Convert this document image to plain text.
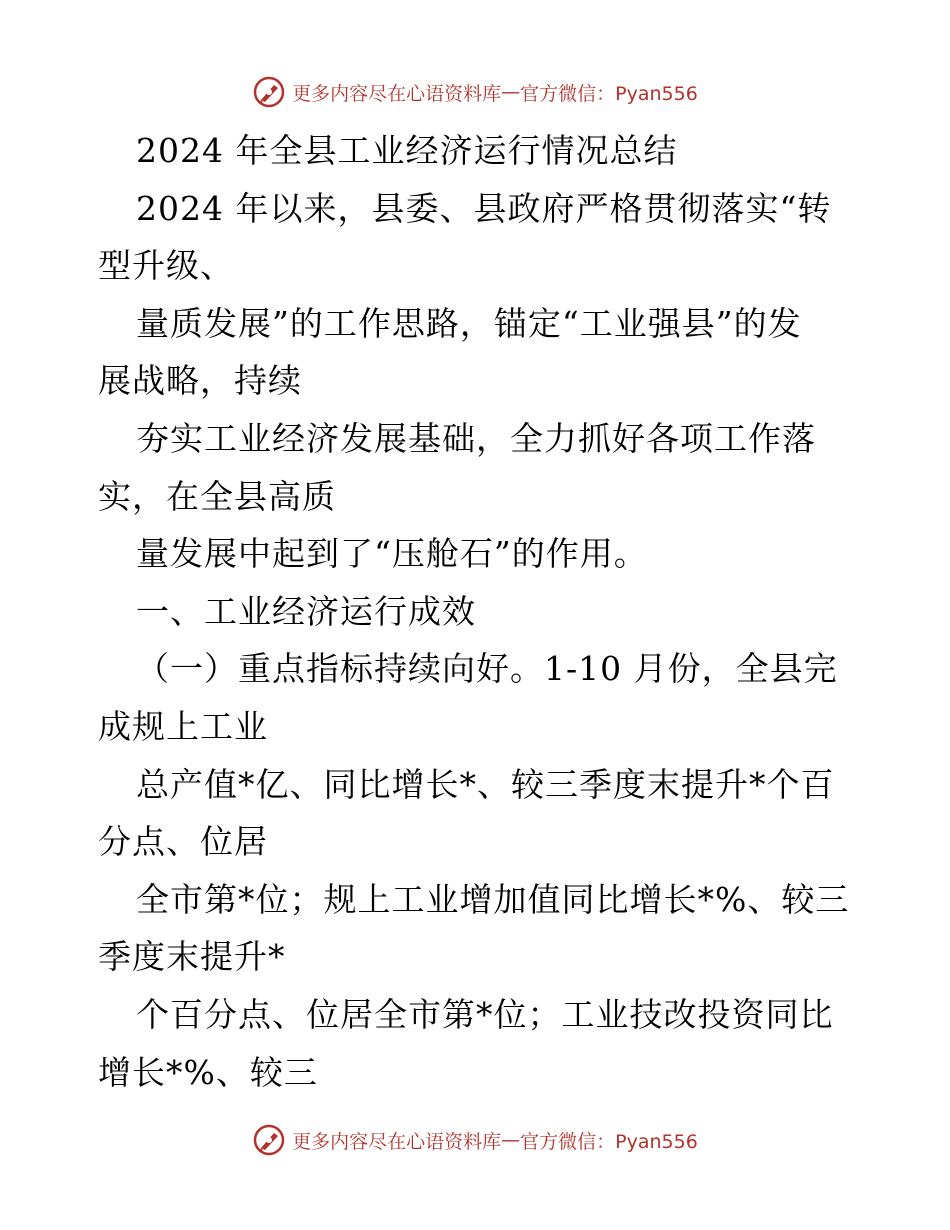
更多内容尽在心语资料库 — 官方微信：Pyan556
2024 年全县工业经济运行情况总结
2024 年以来，县委、县政府严格贯彻落实“转
型升级、
量质发展”的工作思路，锚定“工业强县”的发
展战略，持续
夯实工业经济发展基础，全力抓好各项工作落
实，在全县高质
量发展中起到了“压舱石”的作用。
一、工业经济运行成效
（一）重点指标持续向好。1-10 月份，全县完
成规上工业
总产值*亿、同比增长*、较三季度末提升*个百
分点、位居
全市第*位；规上工业增加值同比增长*%、较三
季度末提升*
个百分点、位居全市第*位；工业技改投资同比
增长*%、较三
更多内容尽在心语资料库 — 官方微信：Pyan556
